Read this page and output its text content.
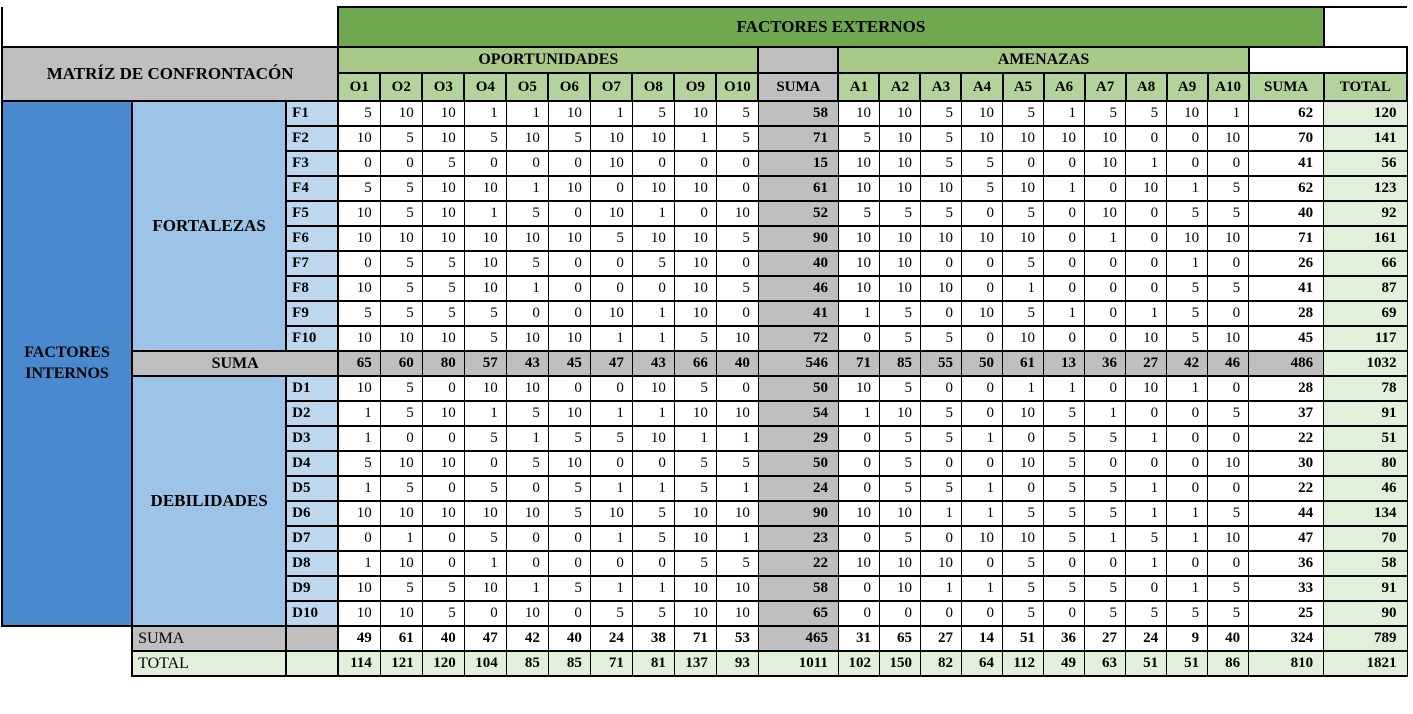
			FACTORES EXTERNOS																						
MATRÍZ DE CONFRONTACÓN			OPORTUNIDADES											AMENAZAS											
			O1	O2	O3	O4	O5	O6	O7	O8	O9	O10	SUMA	A1	A2	A3	A4	A5	A6	A7	A8	A9	A10	SUMA	TOTAL
FACTORES INTERNOS	FORTALEZAS	F1	5	10	10	1	1	10	1	5	10	5	58	10	10	5	10	5	1	5	5	10	1	62	120
		F2	10	5	10	5	10	5	10	10	1	5	71	5	10	5	10	10	10	10	0	0	10	70	141
		F3	0	0	5	0	0	0	10	0	0	0	15	10	10	5	5	0	0	10	1	0	0	41	56
		F4	5	5	10	10	1	10	0	10	10	0	61	10	10	10	5	10	1	0	10	1	5	62	123
		F5	10	5	10	1	5	0	10	1	0	10	52	5	5	5	0	5	0	10	0	5	5	40	92
		F6	10	10	10	10	10	10	5	10	10	5	90	10	10	10	10	10	0	1	0	10	10	71	161
		F7	0	5	5	10	5	0	0	5	10	0	40	10	10	0	0	5	0	0	0	1	0	26	66
		F8	10	5	5	10	1	0	0	0	10	5	46	10	10	10	0	1	0	0	0	5	5	41	87
		F9	5	5	5	5	0	0	10	1	10	0	41	1	5	0	10	5	1	0	1	5	0	28	69
		F10	10	10	10	5	10	10	1	1	5	10	72	0	5	5	0	10	0	0	10	5	10	45	117
	SUMA		65	60	80	57	43	45	47	43	66	40	546	71	85	55	50	61	13	36	27	42	46	486	1032
	DEBILIDADES	D1	10	5	0	10	10	0	0	10	5	0	50	10	5	0	0	1	1	0	10	1	0	28	78
		D2	1	5	10	1	5	10	1	1	10	10	54	1	10	5	0	10	5	1	0	0	5	37	91
		D3	1	0	0	5	1	5	5	10	1	1	29	0	5	5	1	0	5	5	1	0	0	22	51
		D4	5	10	10	0	5	10	0	0	5	5	50	0	5	0	0	10	5	0	0	0	10	30	80
		D5	1	5	0	5	0	5	1	1	5	1	24	0	5	5	1	0	5	5	1	0	0	22	46
		D6	10	10	10	10	10	5	10	5	10	10	90	10	10	1	1	5	5	5	1	1	5	44	134
		D7	0	1	0	5	0	0	1	5	10	1	23	0	5	0	10	10	5	1	5	1	10	47	70
		D8	1	10	0	1	0	0	0	0	5	5	22	10	10	10	0	5	0	0	1	0	0	36	58
		D9	10	5	5	10	1	5	1	1	10	10	58	0	10	1	1	5	5	5	0	1	5	33	91
		D10	10	10	5	0	10	0	5	5	10	10	65	0	0	0	0	5	0	5	5	5	5	25	90
	SUMA		49	61	40	47	42	40	24	38	71	53	465	31	65	27	14	51	36	27	24	9	40	324	789
	TOTAL		114	121	120	104	85	85	71	81	137	93	1011	102	150	82	64	112	49	63	51	51	86	810	1821
